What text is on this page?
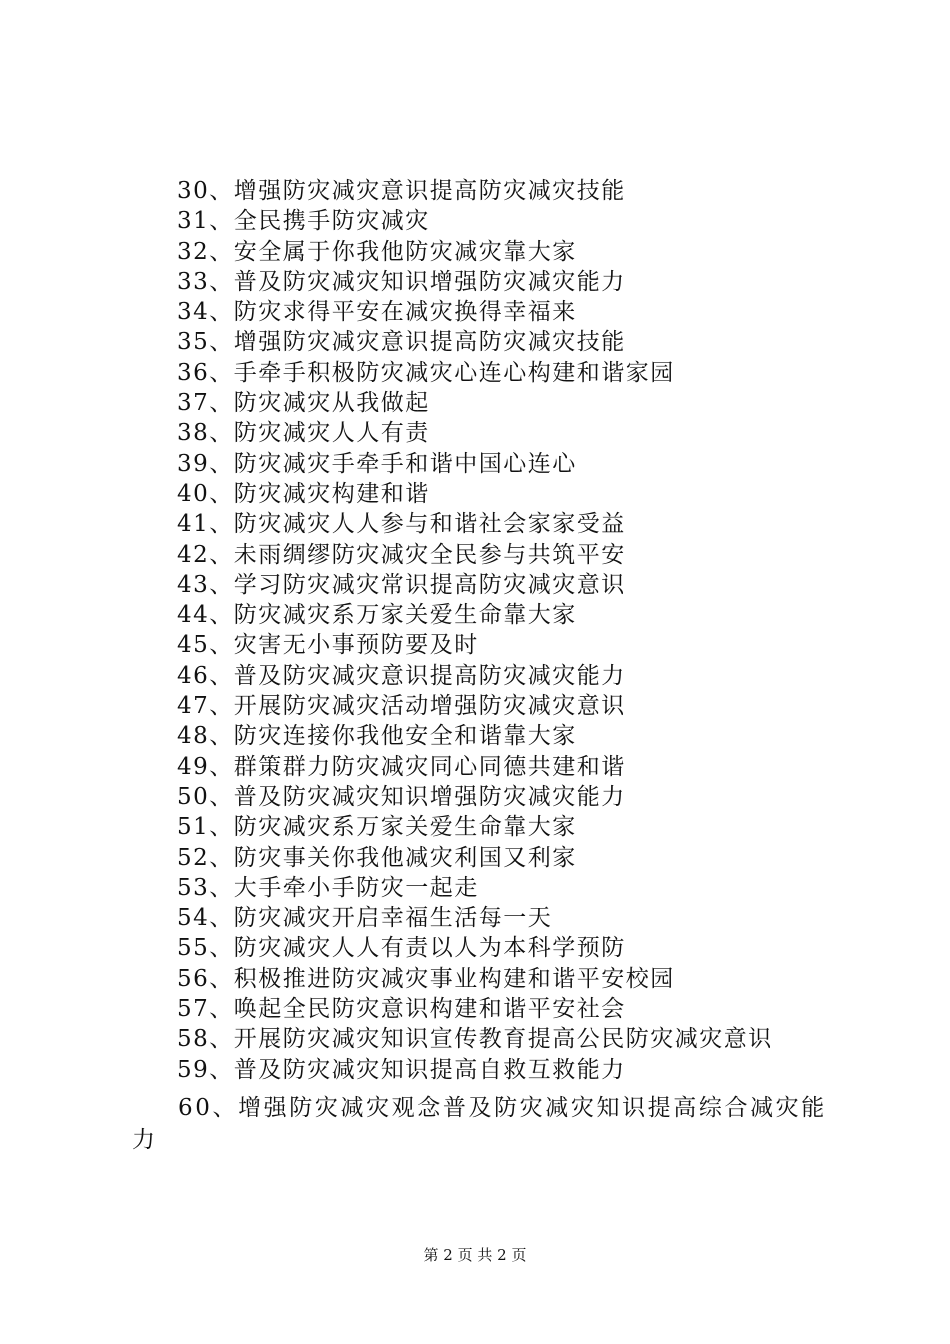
30、增强防灾减灾意识提高防灾减灾技能
31、全民携手防灾减灾
32、安全属于你我他防灾减灾靠大家
33、普及防灾减灾知识增强防灾减灾能力
34、防灾求得平安在减灾换得幸福来
35、增强防灾减灾意识提高防灾减灾技能
36、手牵手积极防灾减灾心连心构建和谐家园
37、防灾减灾从我做起
38、防灾减灾人人有责
39、防灾减灾手牵手和谐中国心连心
40、防灾减灾构建和谐
41、防灾减灾人人参与和谐社会家家受益
42、未雨绸缪防灾减灾全民参与共筑平安
43、学习防灾减灾常识提高防灾减灾意识
44、防灾减灾系万家关爱生命靠大家
45、灾害无小事预防要及时
46、普及防灾减灾意识提高防灾减灾能力
47、开展防灾减灾活动增强防灾减灾意识
48、防灾连接你我他安全和谐靠大家
49、群策群力防灾减灾同心同德共建和谐
50、普及防灾减灾知识增强防灾减灾能力
51、防灾减灾系万家关爱生命靠大家
52、防灾事关你我他减灾利国又利家
53、大手牵小手防灾一起走
54、防灾减灾开启幸福生活每一天
55、防灾减灾人人有责以人为本科学预防
56、积极推进防灾减灾事业构建和谐平安校园
57、唤起全民防灾意识构建和谐平安社会
58、开展防灾减灾知识宣传教育提高公民防灾减灾意识
59、普及防灾减灾知识提高自救互救能力

60、增强防灾减灾观念普及防灾减灾知识提高综合减灾能力

第 2 页 共 2 页
